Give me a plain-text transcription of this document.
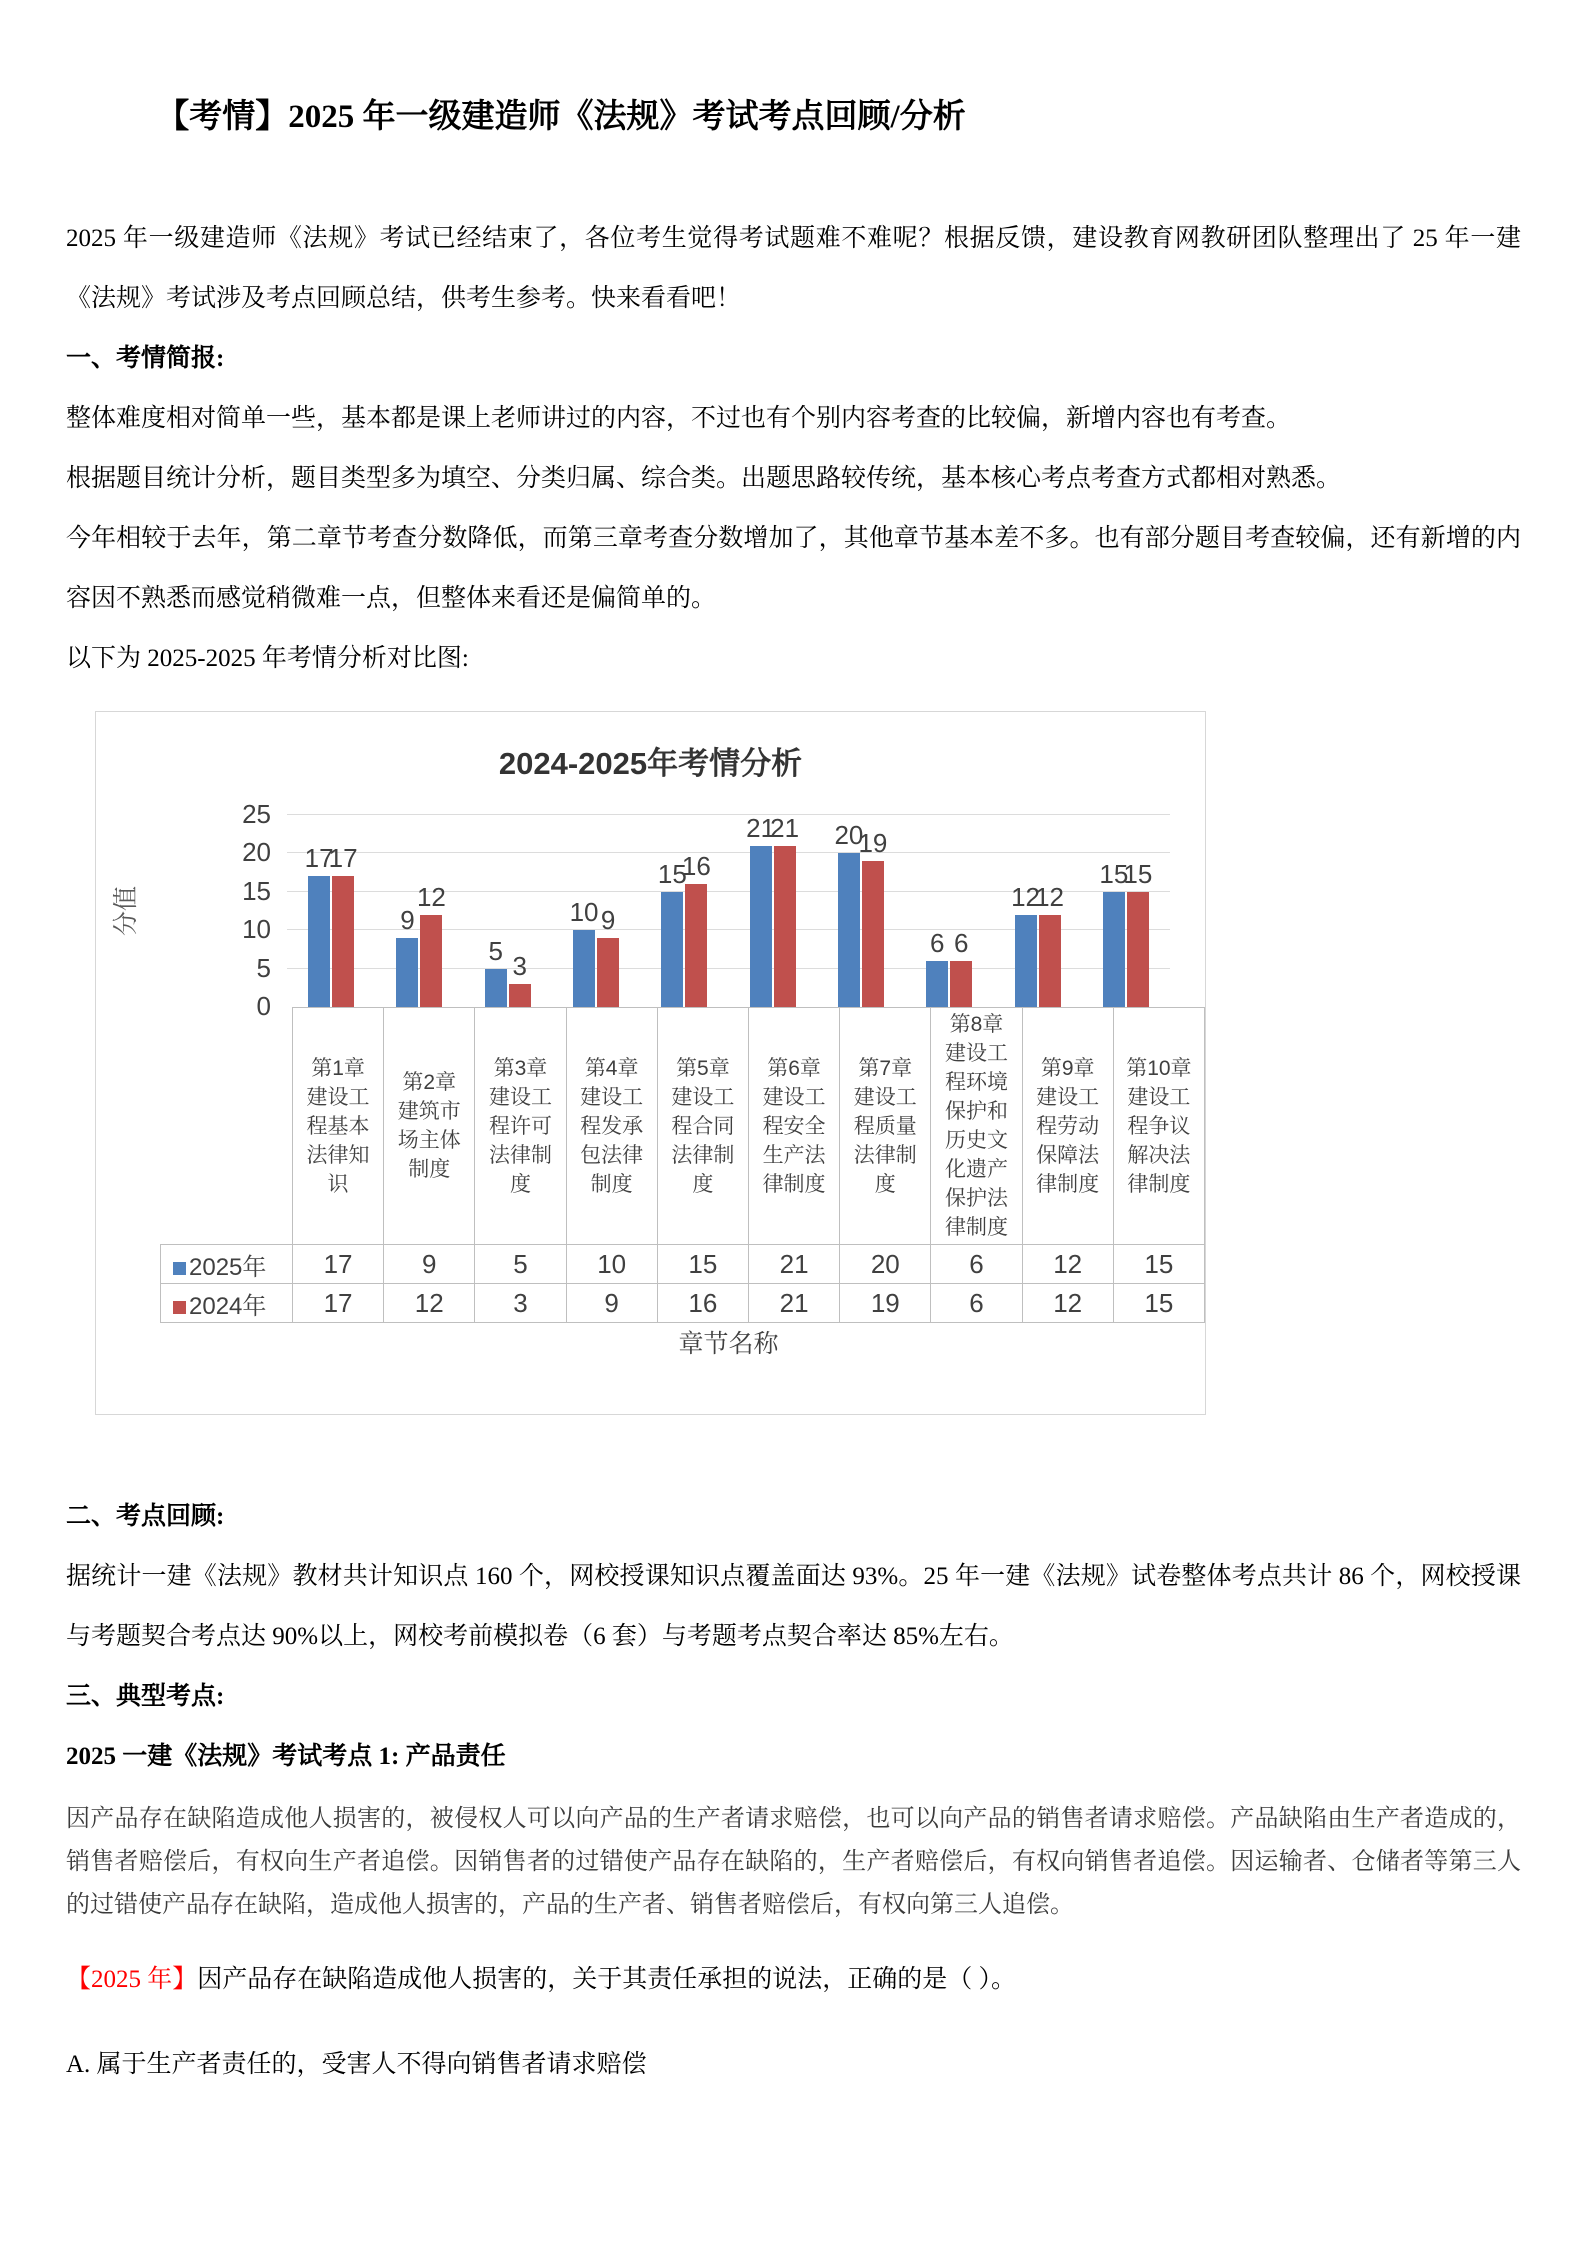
【考情】2025 年一级建造师《法规》考试考点回顾/分析

2025 年一级建造师《法规》考试已经结束了，各位考生觉得考试题难不难呢？根据反馈，建设教育网教研团队整理出了 25 年一建《法规》考试涉及考点回顾总结，供考生参考。快来看看吧！

一、考情简报:

整体难度相对简单一些，基本都是课上老师讲过的内容，不过也有个别内容考查的比较偏，新增内容也有考查。

根据题目统计分析，题目类型多为填空、分类归属、综合类。出题思路较传统，基本核心考点考查方式都相对熟悉。

今年相较于去年，第二章节考查分数降低，而第三章考查分数增加了，其他章节基本差不多。也有部分题目考查较偏，还有新增的内容因不熟悉而感觉稍微难一点，但整体来看还是偏简单的。

以下为 2025-2025 年考情分析对比图:

2024-2025年考情分析
分值
17
17
9
12
5
3
10 9
15
16
21
21 20
19
6 6
12
12
15
15
	第1章建设工程基本法律知识	第2章建筑市场主体制度	第3章建设工程许可法律制度	第4章建设工程发承包法律制度	第5章建设工程合同法律制度	第6章建设工程安全生产法律制度	第7章建设工程质量法律制度	第8章建设工程环境保护和历史文化遗产保护法律制度	第9章建设工程劳动保障法律制度	第10章建设工程争议解决法律制度
2025年	17	9	5	10	15	21	20	6	12	15
2024年	17	12	3	9	16	21	19	6	12	15
章节名称
0
5
10
15
20
25

二、考点回顾:

据统计一建《法规》教材共计知识点 160 个，网校授课知识点覆盖面达 93%。25 年一建《法规》试卷整体考点共计 86 个，网校授课与考题契合考点达 90%以上，网校考前模拟卷（6 套）与考题考点契合率达 85%左右。

三、典型考点:

2025 一建《法规》考试考点 1: 产品责任

因产品存在缺陷造成他人损害的，被侵权人可以向产品的生产者请求赔偿，也可以向产品的销售者请求赔偿。产品缺陷由生产者造成的，销售者赔偿后，有权向生产者追偿。因销售者的过错使产品存在缺陷的，生产者赔偿后，有权向销售者追偿。因运输者、仓储者等第三人的过错使产品存在缺陷，造成他人损害的，产品的生产者、销售者赔偿后，有权向第三人追偿。

【2025 年】因产品存在缺陷造成他人损害的，关于其责任承担的说法，正确的是（ ）。

A. 属于生产者责任的，受害人不得向销售者请求赔偿
